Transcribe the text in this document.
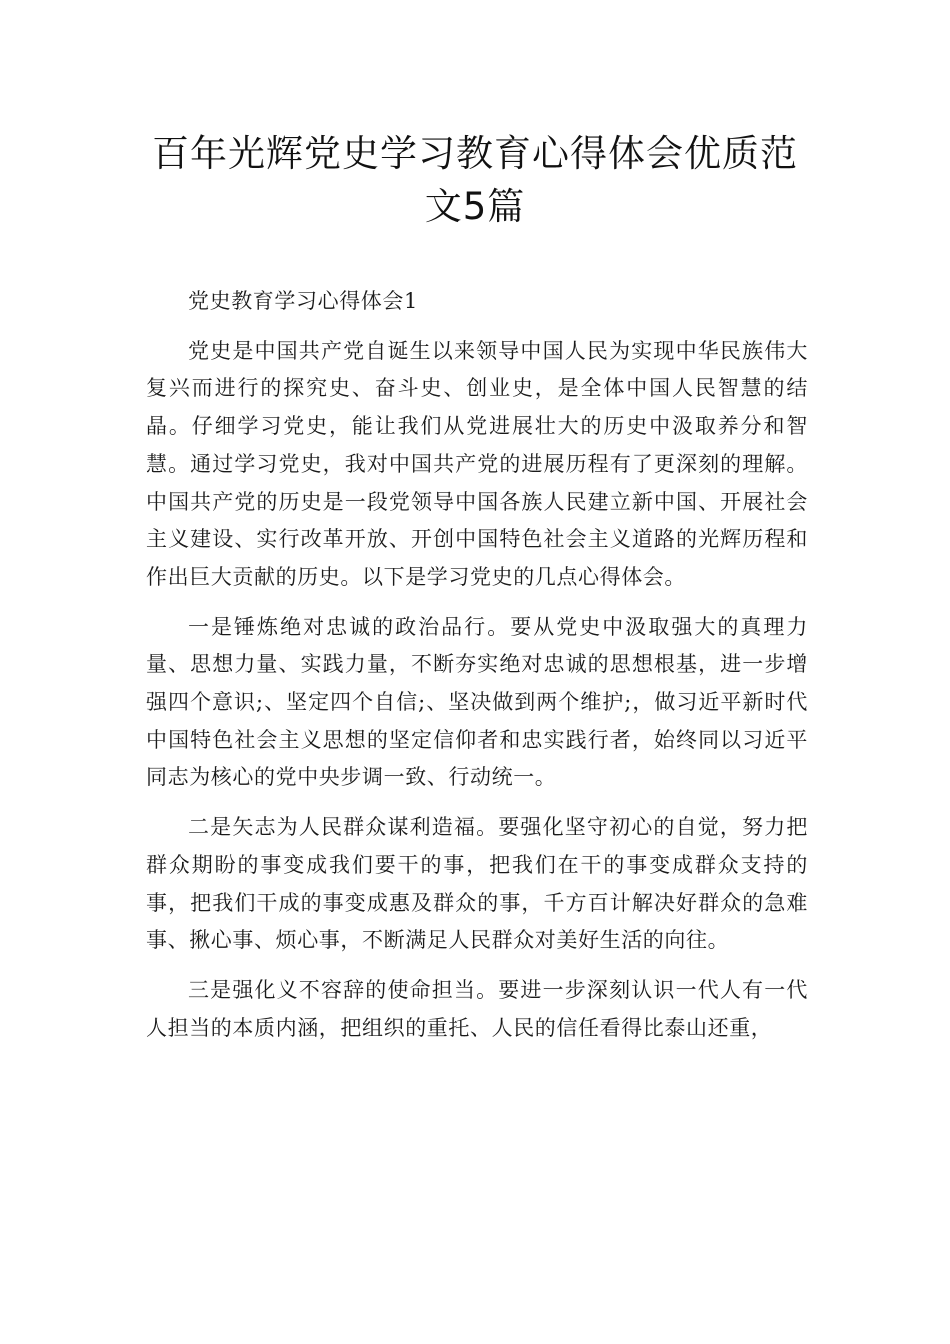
百年光辉党史学习教育心得体会优质范
文5篇

党史教育学习心得体会1

党史是中国共产党自诞生以来领导中国人民为实现中华民族伟大复兴而进行的探究史、奋斗史、创业史，是全体中国人民智慧的结晶。仔细学习党史，能让我们从党进展壮大的历史中汲取养分和智慧。通过学习党史，我对中国共产党的进展历程有了更深刻的理解。中国共产党的历史是一段党领导中国各族人民建立新中国、开展社会主义建设、实行改革开放、开创中国特色社会主义道路的光辉历程和作出巨大贡献的历史。以下是学习党史的几点心得体会。

一是锤炼绝对忠诚的政治品行。要从党史中汲取强大的真理力量、思想力量、实践力量，不断夯实绝对忠诚的思想根基，进一步增强四个意识;、坚定四个自信;、坚决做到两个维护;，做习近平新时代中国特色社会主义思想的坚定信仰者和忠实践行者，始终同以习近平同志为核心的党中央步调一致、行动统一。

二是矢志为人民群众谋利造福。要强化坚守初心的自觉，努力把群众期盼的事变成我们要干的事，把我们在干的事变成群众支持的事，把我们干成的事变成惠及群众的事，千方百计解决好群众的急难事、揪心事、烦心事，不断满足人民群众对美好生活的向往。

三是强化义不容辞的使命担当。要进一步深刻认识一代人有一代人担当的本质内涵，把组织的重托、人民的信任看得比泰山还重，
